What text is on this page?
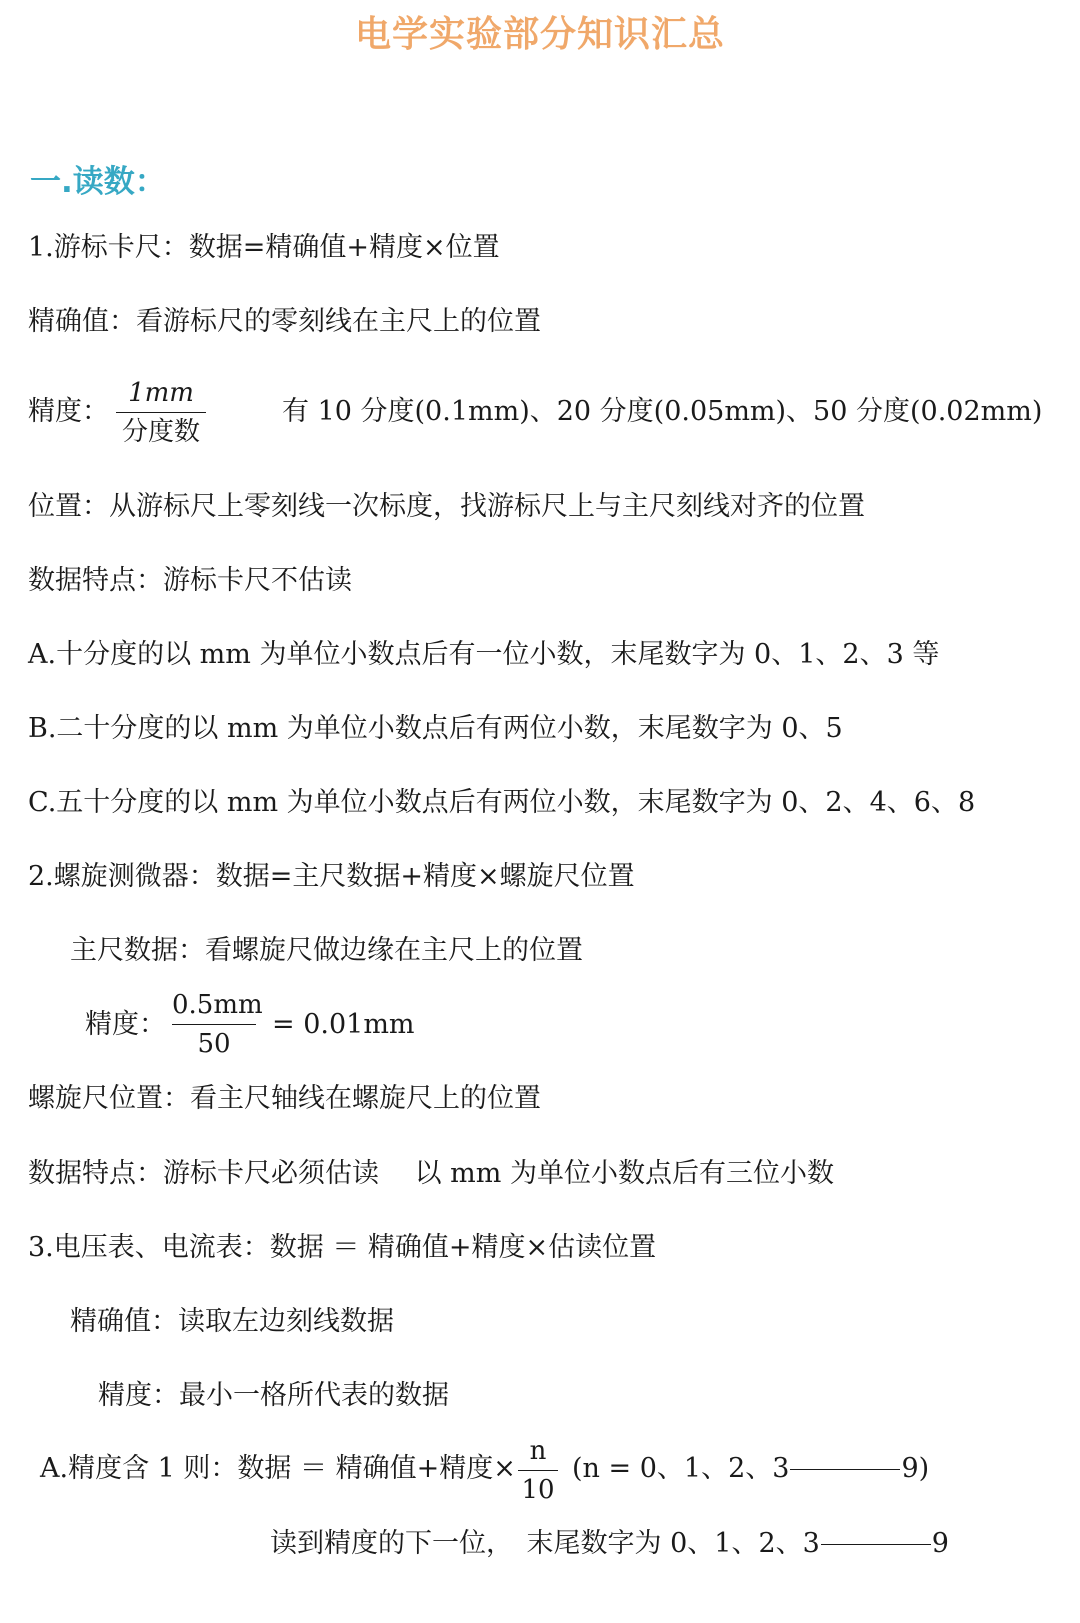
电学实验部分知识汇总
一.读数：
1.游标卡尺：数据=精确值+精度×位置
精确值：看游标尺的零刻线在主尺上的位置
精度：
1mm
分度数
有 10 分度(0.1mm)、20 分度(0.05mm)、50 分度(0.02mm)
位置：从游标尺上零刻线一次标度，找游标尺上与主尺刻线对齐的位置
数据特点：游标卡尺不估读
A.十分度的以 mm 为单位小数点后有一位小数，末尾数字为 0、1、2、3 等
B.二十分度的以 mm 为单位小数点后有两位小数，末尾数字为 0、5
C.五十分度的以 mm 为单位小数点后有两位小数，末尾数字为 0、2、4、6、8
2.螺旋测微器：数据=主尺数据+精度×螺旋尺位置
主尺数据：看螺旋尺做边缘在主尺上的位置
精度：
0.5mm
50
= 0.01mm
螺旋尺位置：看主尺轴线在螺旋尺上的位置
数据特点：游标卡尺必须估读　 以 mm 为单位小数点后有三位小数
3.电压表、电流表：数据 ＝ 精确值+精度×估读位置
精确值：读取左边刻线数据
精度：最小一格所代表的数据
A.精度含 1 则：数据 ＝ 精确值+精度×
n
10
(n = 0、1、2、3	9)
读到精度的下一位，　末尾数字为 0、1、2、3	9
